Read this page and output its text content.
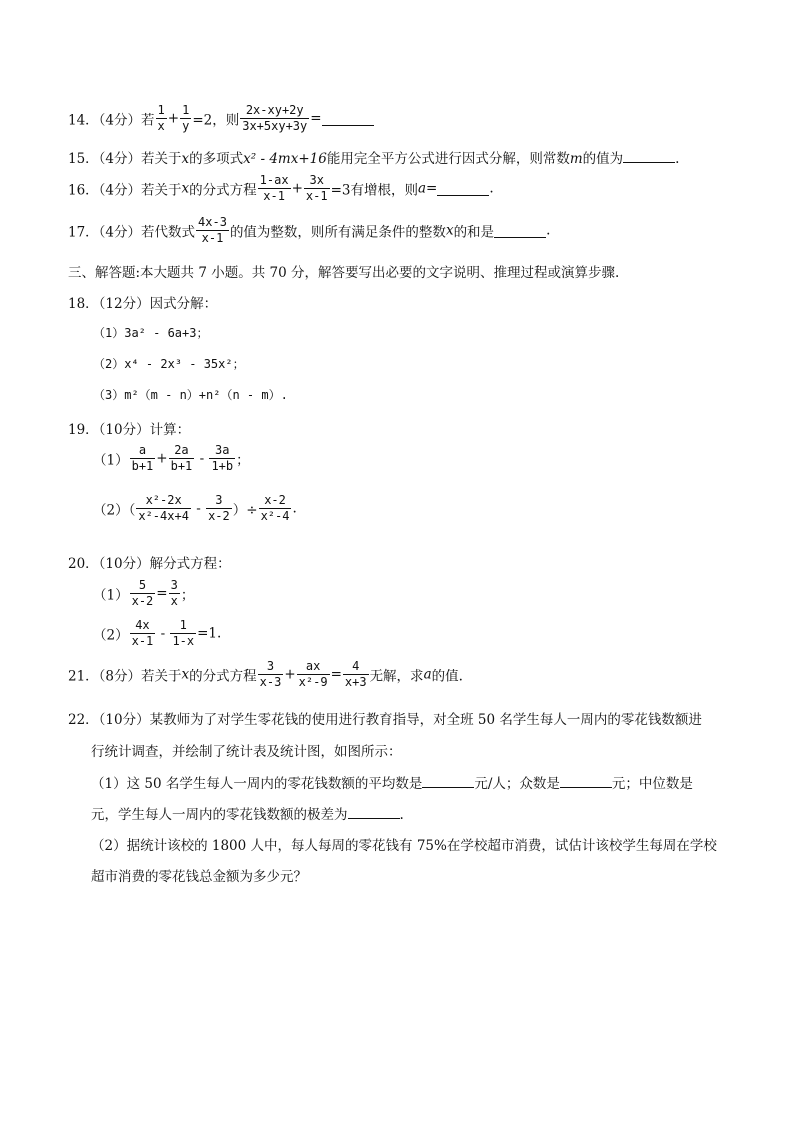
14．（4分）若 $\frac{1}{x} + \frac{1}{y} =2$，则 $\frac{2x-xy+2y}{3x+5xy+3y}$ =
15．（4分）若关于x的多项式x² - 4mx+16能用完全平方公式进行因式分解，则常数m的值为	.
16．（4分）若关于x的分式方程 $\frac{1-ax}{x-1} + \frac{3x}{x-1} =3$有增根，则a=	.
17．（4分）若代数式 $\frac{4x-3}{x-1}$ 的值为整数，则所有满足条件的整数x的和是	.
三、解答题:本大题共 7 小题。共 70 分，解答要写出必要的文字说明、推理过程或演算步骤.
18．（12分）因式分解：
（1）3a² - 6a+3；
（2）x⁴ - 2x³ - 35x²；
（3）m²（m - n）+n²（n - m）.
19．（10分）计算：
$(1) \frac{a}{b+1} + \frac{2a}{b+1} - \frac{3a}{1+b}$ ；
$(2)( \frac{\text{x²-2x}}{\text{x²-4x+4}} - \frac{3}{x-2}$ ）÷ $\frac{x-2}{\text{x²-4}}$ .
20．（10分）解分式方程：
$(1) \frac{5}{x-2} = \frac{3}{x}$ ；
$(2) \frac{4x}{x-1} - \frac{1}{1-x} =1$.
21．（8分）若关于x的分式方程 $\frac{3}{x-3} + \frac{ax}{\text{x²-9}} = \frac{4}{x+3}$ 无解，求a的值.
22．（10分）某教师为了对学生零花钱的使用进行教育指导，对全班 50 名学生每人一周内的零花钱数额进
行统计调查，并绘制了统计表及统计图，如图所示：
（1）这 50 名学生每人一周内的零花钱数额的平均数是	元/人；众数是	元；中位数是
元，学生每人一周内的零花钱数额的极差为	.
（2）据统计该校的 1800 人中，每人每周的零花钱有 75%在学校超市消费，试估计该校学生每周在学校
超市消费的零花钱总金额为多少元？
